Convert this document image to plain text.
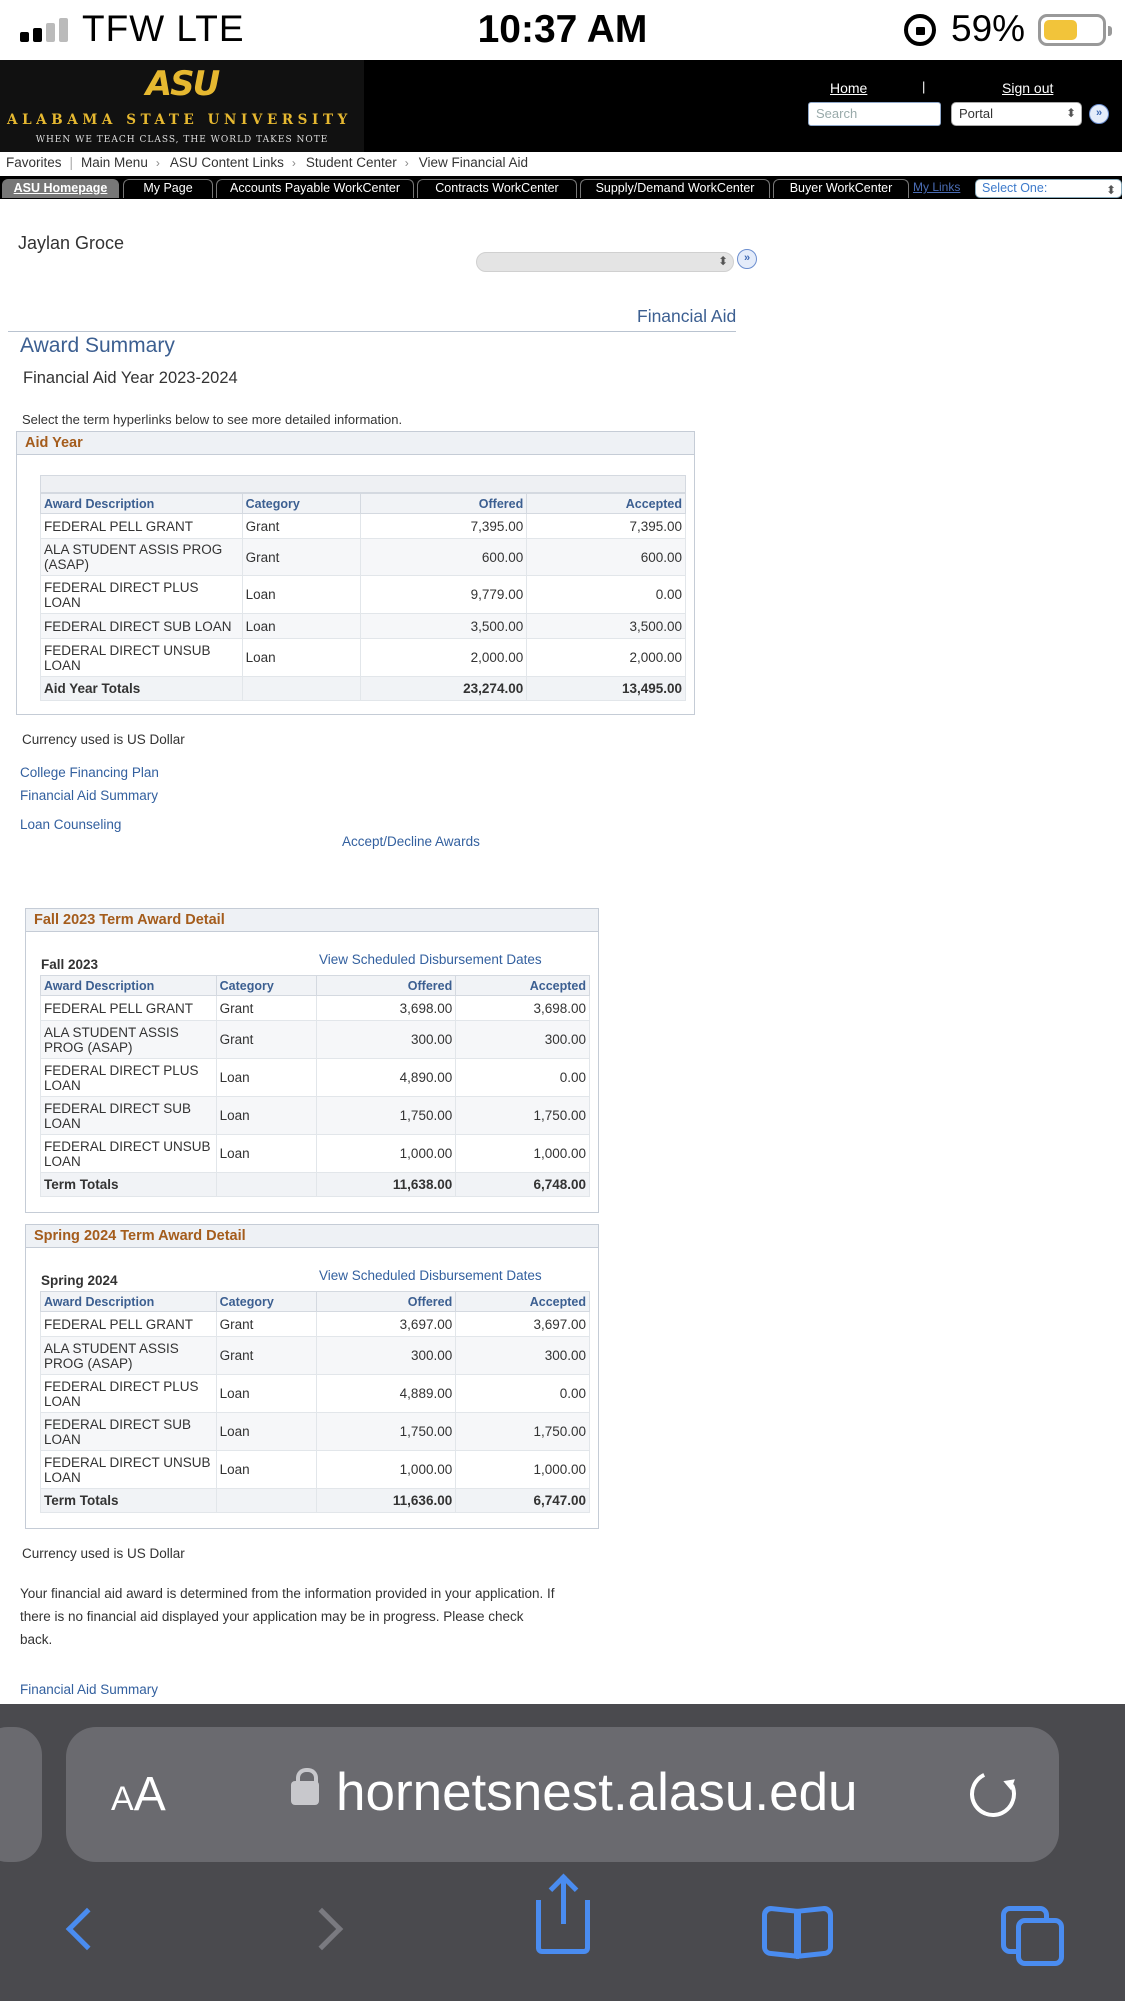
TFW LTE	10:37 AM	59%
ASU
ALABAMA STATE UNIVERSITY
WHEN WE TEACH CLASS, THE WORLD TAKES NOTE
Home	|	Sign out
Search	Portal	⬍	»
Favorites | Main Menu › ASU Content Links › Student Center › View Financial Aid
ASU Homepage	My Page	Accounts Payable WorkCenter	Contracts WorkCenter	Supply/Demand WorkCenter	Buyer WorkCenter	My Links	Select One:	⬍
Jaylan Groce
⬍	»
Financial Aid
Award Summary
Financial Aid Year 2023-2024
Select the term hyperlinks below to see more detailed information.
Aid Year
Award Description	Category	Offered	Accepted
FEDERAL PELL GRANT	Grant	7,395.00	7,395.00
ALA STUDENT ASSIS PROG (ASAP)	Grant	600.00	600.00
FEDERAL DIRECT PLUS LOAN	Loan	9,779.00	0.00
FEDERAL DIRECT SUB LOAN	Loan	3,500.00	3,500.00
FEDERAL DIRECT UNSUB LOAN	Loan	2,000.00	2,000.00
Aid Year Totals		23,274.00	13,495.00
Currency used is US Dollar
College Financing Plan
Financial Aid Summary
Loan Counseling
Accept/Decline Awards
Fall 2023 Term Award Detail
Fall 2023	View Scheduled Disbursement Dates
Award Description	Category	Offered	Accepted
FEDERAL PELL GRANT	Grant	3,698.00	3,698.00
ALA STUDENT ASSIS PROG (ASAP)	Grant	300.00	300.00
FEDERAL DIRECT PLUS LOAN	Loan	4,890.00	0.00
FEDERAL DIRECT SUB LOAN	Loan	1,750.00	1,750.00
FEDERAL DIRECT UNSUB LOAN	Loan	1,000.00	1,000.00
Term Totals		11,638.00	6,748.00
Spring 2024 Term Award Detail
Spring 2024	View Scheduled Disbursement Dates
Award Description	Category	Offered	Accepted
FEDERAL PELL GRANT	Grant	3,697.00	3,697.00
ALA STUDENT ASSIS PROG (ASAP)	Grant	300.00	300.00
FEDERAL DIRECT PLUS LOAN	Loan	4,889.00	0.00
FEDERAL DIRECT SUB LOAN	Loan	1,750.00	1,750.00
FEDERAL DIRECT UNSUB LOAN	Loan	1,000.00	1,000.00
Term Totals		11,636.00	6,747.00
Currency used is US Dollar
Your financial aid award is determined from the information provided in your application. If
there is no financial aid displayed your application may be in progress. Please check
back.
Financial Aid Summary
AA	hornetsnest.alasu.edu
